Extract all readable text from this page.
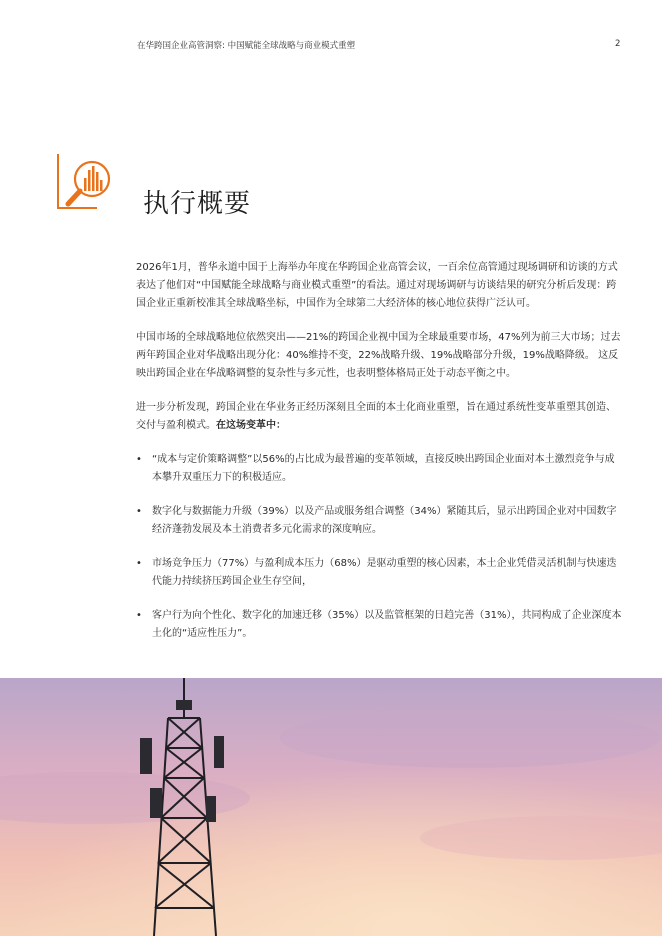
在华跨国企业高管洞察: 中国赋能全球战略与商业模式重塑	2
执行概要

2026年1月，普华永道中国于上海举办年度在华跨国企业高管会议，一百余位高管通过现场调研和访谈的方式表达了他们对“中国赋能全球战略与商业模式重塑”的看法。通过对现场调研与访谈结果的研究分析后发现：跨国企业正重新校准其全球战略坐标，中国作为全球第二大经济体的核心地位获得广泛认可。

中国市场的全球战略地位依然突出——21%的跨国企业视中国为全球最重要市场，47%列为前三大市场；过去两年跨国企业对华战略出现分化：40%维持不变，22%战略升级、19%战略部分升级，19%战略降级。 这反映出跨国企业在华战略调整的复杂性与多元性，也表明整体格局正处于动态平衡之中。

进一步分析发现，跨国企业在华业务正经历深刻且全面的本土化商业重塑，旨在通过系统性变革重塑其创造、交付与盈利模式。在这场变革中：

• “成本与定价策略调整”以56%的占比成为最普遍的变革领域，直接反映出跨国企业面对本土激烈竞争与成本攀升双重压力下的积极适应。
• 数字化与数据能力升级（39%）以及产品或服务组合调整（34%）紧随其后，显示出跨国企业对中国数字经济蓬勃发展及本土消费者多元化需求的深度响应。
• 市场竞争压力（77%）与盈利成本压力（68%）是驱动重塑的核心因素，本土企业凭借灵活机制与快速迭代能力持续挤压跨国企业生存空间，
• 客户行为向个性化、数字化的加速迁移（35%）以及监管框架的日趋完善（31%），共同构成了企业深度本土化的“适应性压力”。
